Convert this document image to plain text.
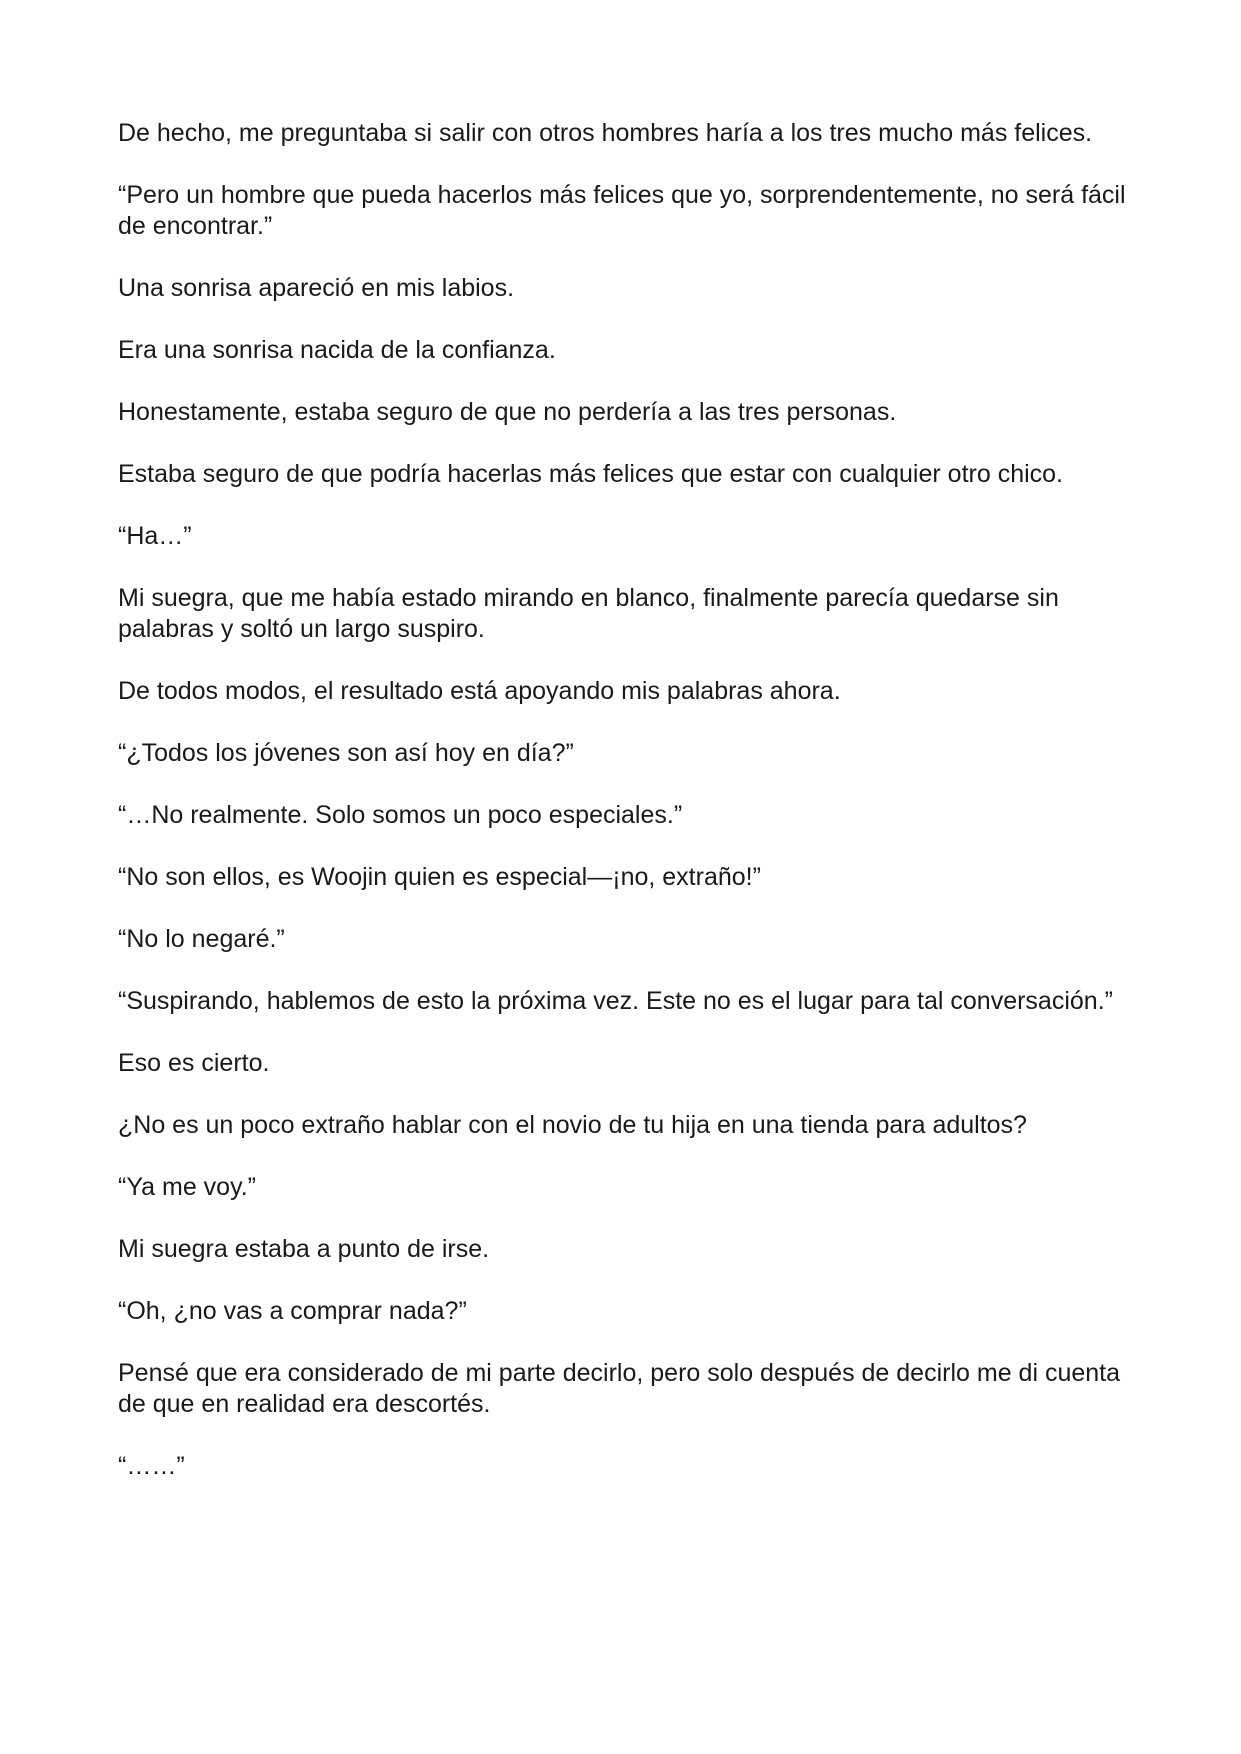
De hecho, me preguntaba si salir con otros hombres haría a los tres mucho más felices.

“Pero un hombre que pueda hacerlos más felices que yo, sorprendentemente, no será fácil de encontrar.”

Una sonrisa apareció en mis labios.

Era una sonrisa nacida de la confianza.

Honestamente, estaba seguro de que no perdería a las tres personas.

Estaba seguro de que podría hacerlas más felices que estar con cualquier otro chico.

“Ha…”

Mi suegra, que me había estado mirando en blanco, finalmente parecía quedarse sin palabras y soltó un largo suspiro.

De todos modos, el resultado está apoyando mis palabras ahora.

“¿Todos los jóvenes son así hoy en día?”

“…No realmente. Solo somos un poco especiales.”

“No son ellos, es Woojin quien es especial—¡no, extraño!”

“No lo negaré.”

“Suspirando, hablemos de esto la próxima vez. Este no es el lugar para tal conversación.”

Eso es cierto.

¿No es un poco extraño hablar con el novio de tu hija en una tienda para adultos?

“Ya me voy.”

Mi suegra estaba a punto de irse.

“Oh, ¿no vas a comprar nada?”

Pensé que era considerado de mi parte decirlo, pero solo después de decirlo me di cuenta de que en realidad era descortés.

“……”
